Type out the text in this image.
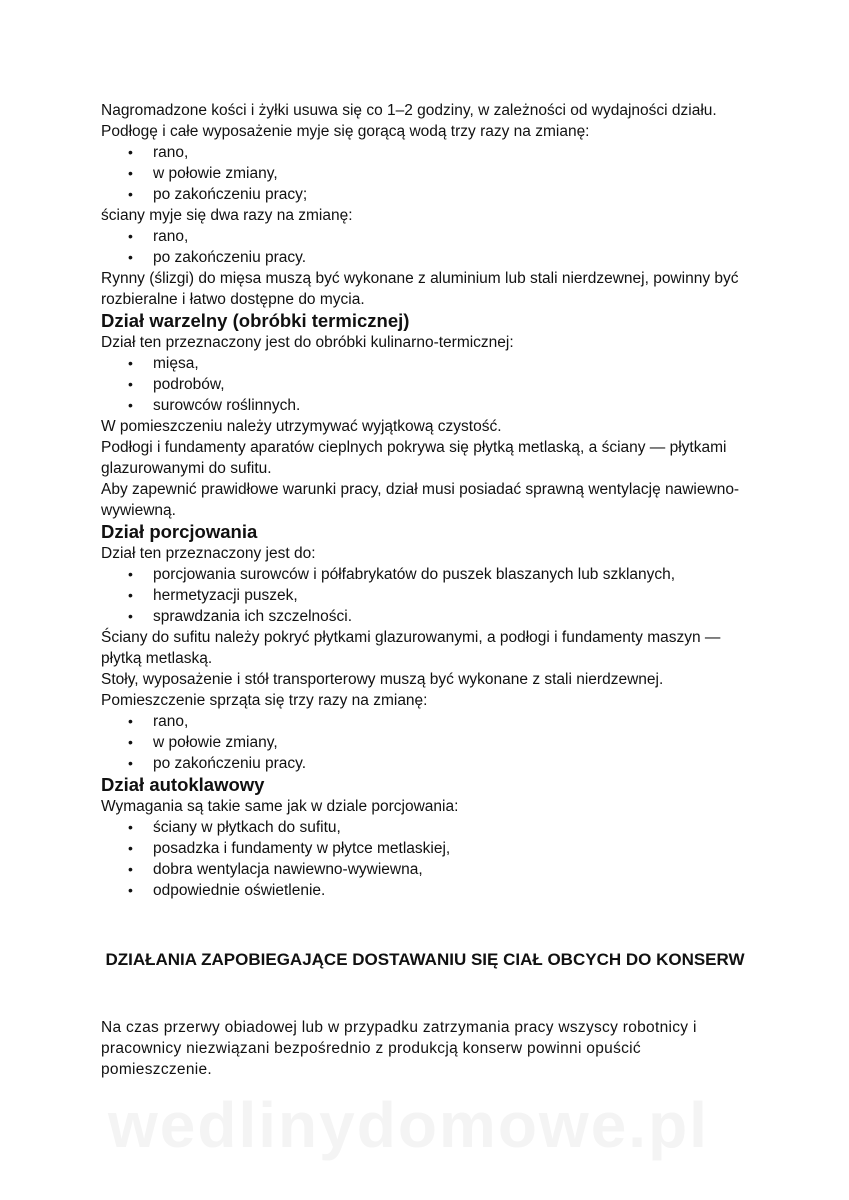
Nagromadzone kości i żyłki usuwa się co 1–2 godziny, w zależności od wydajności działu.

Podłogę i całe wyposażenie myje się gorącą wodą trzy razy na zmianę:

• rano,
• w połowie zmiany,
• po zakończeniu pracy;

ściany myje się dwa razy na zmianę:

• rano,
• po zakończeniu pracy.

Rynny (ślizgi) do mięsa muszą być wykonane z aluminium lub stali nierdzewnej, powinny być rozbieralne i łatwo dostępne do mycia.

Dział warzelny (obróbki termicznej)

Dział ten przeznaczony jest do obróbki kulinarno-termicznej:

• mięsa,
• podrobów,
• surowców roślinnych.

W pomieszczeniu należy utrzymywać wyjątkową czystość.

Podłogi i fundamenty aparatów cieplnych pokrywa się płytką metlaską, a ściany — płytkami glazurowanymi do sufitu.

Aby zapewnić prawidłowe warunki pracy, dział musi posiadać sprawną wentylację nawiewno-wywiewną.

Dział porcjowania

Dział ten przeznaczony jest do:

• porcjowania surowców i półfabrykatów do puszek blaszanych lub szklanych,
• hermetyzacji puszek,
• sprawdzania ich szczelności.

Ściany do sufitu należy pokryć płytkami glazurowanymi, a podłogi i fundamenty maszyn — płytką metlaską.

Stoły, wyposażenie i stół transporterowy muszą być wykonane z stali nierdzewnej.

Pomieszczenie sprząta się trzy razy na zmianę:

• rano,
• w połowie zmiany,
• po zakończeniu pracy.
Dział autoklawowy

Wymagania są takie same jak w dziale porcjowania:

• ściany w płytkach do sufitu,
• posadzka i fundamenty w płytce metlaskiej,
• dobra wentylacja nawiewno-wywiewna,
• odpowiednie oświetlenie.
DZIAŁANIA ZAPOBIEGAJĄCE DOSTAWANIU SIĘ CIAŁ OBCYCH DO KONSERW

Na czas przerwy obiadowej lub w przypadku zatrzymania pracy wszyscy robotnicy i pracownicy niezwiązani bezpośrednio z produkcją konserw powinni opuścić pomieszczenie.

wedlinydomowe.pl
